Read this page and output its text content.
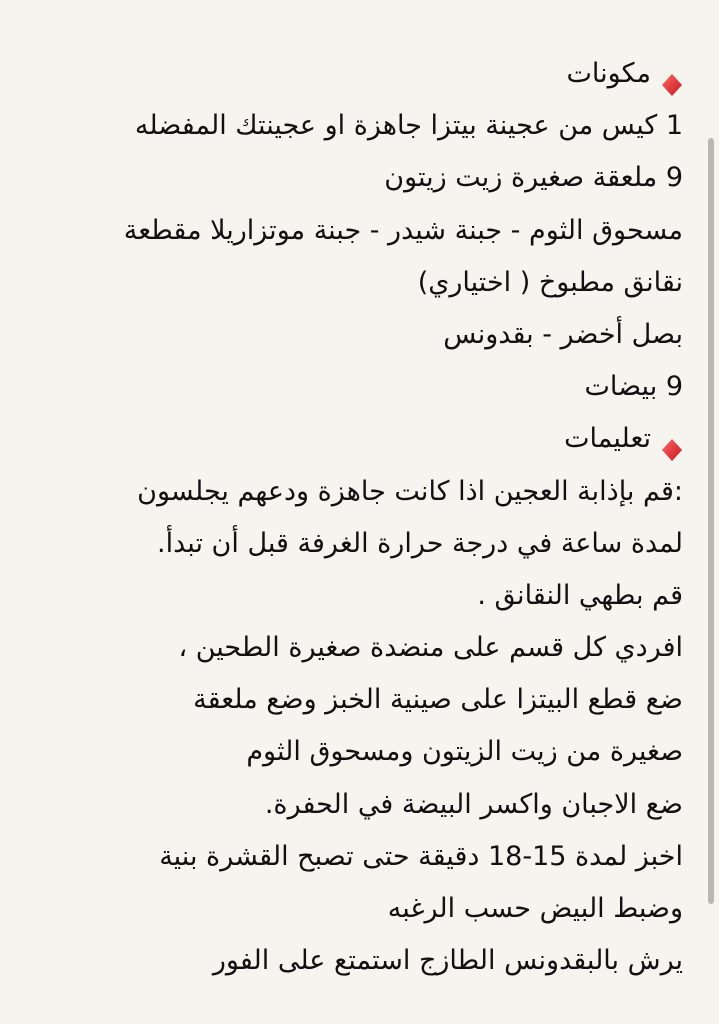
مكونات
1 كيس من عجينة بيتزا جاهزة او عجينتك المفضله
9 ملعقة صغيرة زيت زيتون
مسحوق الثوم - جبنة شيدر - جبنة موتزاريلا مقطعة
نقانق مطبوخ ( اختياري)
بصل أخضر - بقدونس
9 بيضات
تعليمات
:قم بإذابة العجين اذا كانت جاهزة ودعهم يجلسون
لمدة ساعة في درجة حرارة الغرفة قبل أن تبدأ.
قم بطهي النقانق .
افردي كل قسم على منضدة صغيرة الطحين ،
ضع قطع البيتزا على صينية الخبز وضع ملعقة
صغيرة من زيت الزيتون ومسحوق الثوم
ضع الاجبان واكسر البيضة في الحفرة.
اخبز لمدة 15-18 دقيقة حتى تصبح القشرة بنية
وضبط البيض حسب الرغبه
يرش بالبقدونس الطازج استمتع على الفور
